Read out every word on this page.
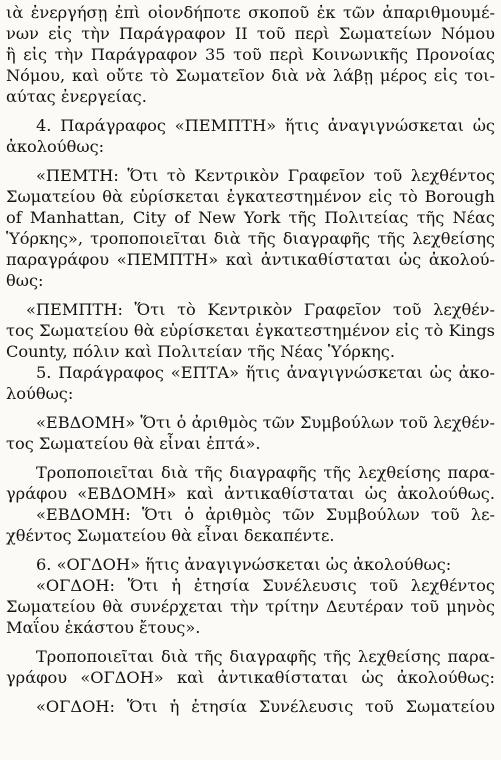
ιὰ ἐνεργήσῃ ἐπὶ οἱονδήποτε σκοποῦ ἐκ τῶν ἀπαριθμουμέ-
νων εἰς τὴν Παράγραφον II τοῦ περὶ Σωματείων Νόμου
ἢ εἰς τὴν Παράγραφον 35 τοῦ περὶ Κοινωνικῆς Προνοίας
Νόμου, καὶ οὔτε τὸ Σωματεῖον διὰ νὰ λάβῃ μέρος εἰς τοι-
αύτας ἐνεργείας.
4. Παράγραφος «ΠΕΜΠΤΗ» ἥτις ἀναγιγνώσκεται ὡς
ἀκολούθως:
«ΠΕΜΤΗ: Ὅτι τὸ Κεντρικὸν Γραφεῖον τοῦ λεχθέντος
Σωματείου θὰ εὑρίσκεται ἐγκατεστημένον εἰς τὸ Borough
of Manhattan, City of New York τῆς Πολιτείας τῆς Νέας
Ὑόρκης», τροποποιεῖται διὰ τῆς διαγραφῆς τῆς λεχθείσης
παραγράφου «ΠΕΜΠΤΗ» καὶ ἀντικαθίσταται ὡς ἀκολού-
θως:
«ΠΕΜΠΤΗ: Ὅτι τὸ Κεντρικὸν Γραφεῖον τοῦ λεχθέν-
τος Σωματείου θὰ εὑρίσκεται ἐγκατεστημένον εἰς τὸ Kings
County, πόλιν καὶ Πολιτείαν τῆς Νέας Ὑόρκης.
5. Παράγραφος «ΕΠΤΑ» ἥτις ἀναγιγνώσκεται ὡς ἀκο-
λούθως:
«ΕΒΔΟΜΗ» Ὅτι ὁ ἀριθμὸς τῶν Συμβούλων τοῦ λεχθέν-
τος Σωματείου θὰ εἶναι ἑπτά».
Τροποποιεῖται διὰ τῆς διαγραφῆς τῆς λεχθείσης παρα-
γράφου «ΕΒΔΟΜΗ» καὶ ἀντικαθίσταται ὡς ἀκολούθως.
«ΕΒΔΟΜΗ: Ὅτι ὁ ἀριθμὸς τῶν Συμβούλων τοῦ λε-
χθέντος Σωματείου θὰ εἶναι δεκαπέντε.
6. «ΟΓΔΟΗ» ἥτις ἀναγιγνώσκεται ὡς ἀκολούθως:
«ΟΓΔΟΗ: Ὅτι ἡ ἐτησία Συνέλευσις τοῦ λεχθέντος
Σωματείου θὰ συνέρχεται τὴν τρίτην Δευτέραν τοῦ μηνὸς
Μαΐου ἑκάστου ἔτους».
Τροποποιεῖται διὰ τῆς διαγραφῆς τῆς λεχθείσης παρα-
γράφου «ΟΓΔΟΗ» καὶ ἀντικαθίσταται ὡς ἀκολούθως:
«ΟΓΔΟΗ: Ὅτι ἡ ἐτησία Συνέλευσις τοῦ Σωματείου
